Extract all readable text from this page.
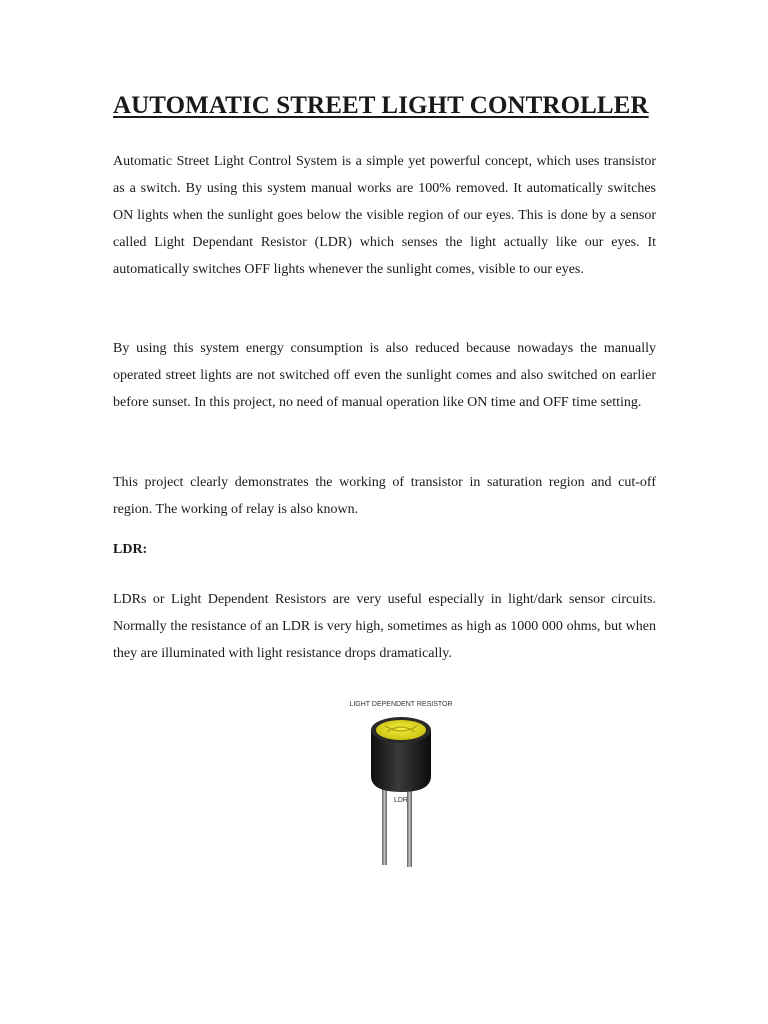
AUTOMATIC STREET LIGHT CONTROLLER

Automatic Street Light Control System is a simple yet powerful concept, which uses transistor as a switch. By using this system manual works are 100% removed. It automatically switches ON lights when the sunlight goes below the visible region of our eyes. This is done by a sensor called Light Dependant Resistor (LDR) which senses the light actually like our eyes. It automatically switches OFF lights whenever the sunlight comes, visible to our eyes.

By using this system energy consumption is also reduced because nowadays the manually operated street lights are not switched off even the sunlight comes and also switched on earlier before sunset. In this project, no need of manual operation like ON time and OFF time setting.

This project clearly demonstrates the working of transistor in saturation region and cut-off region. The working of relay is also known.

LDR:

LDRs or Light Dependent Resistors are very useful especially in light/dark sensor circuits. Normally the resistance of an LDR is very high, sometimes as high as 1000 000 ohms, but when they are illuminated with light resistance drops dramatically.

LIGHT DEPENDENT RESISTOR
LDR
